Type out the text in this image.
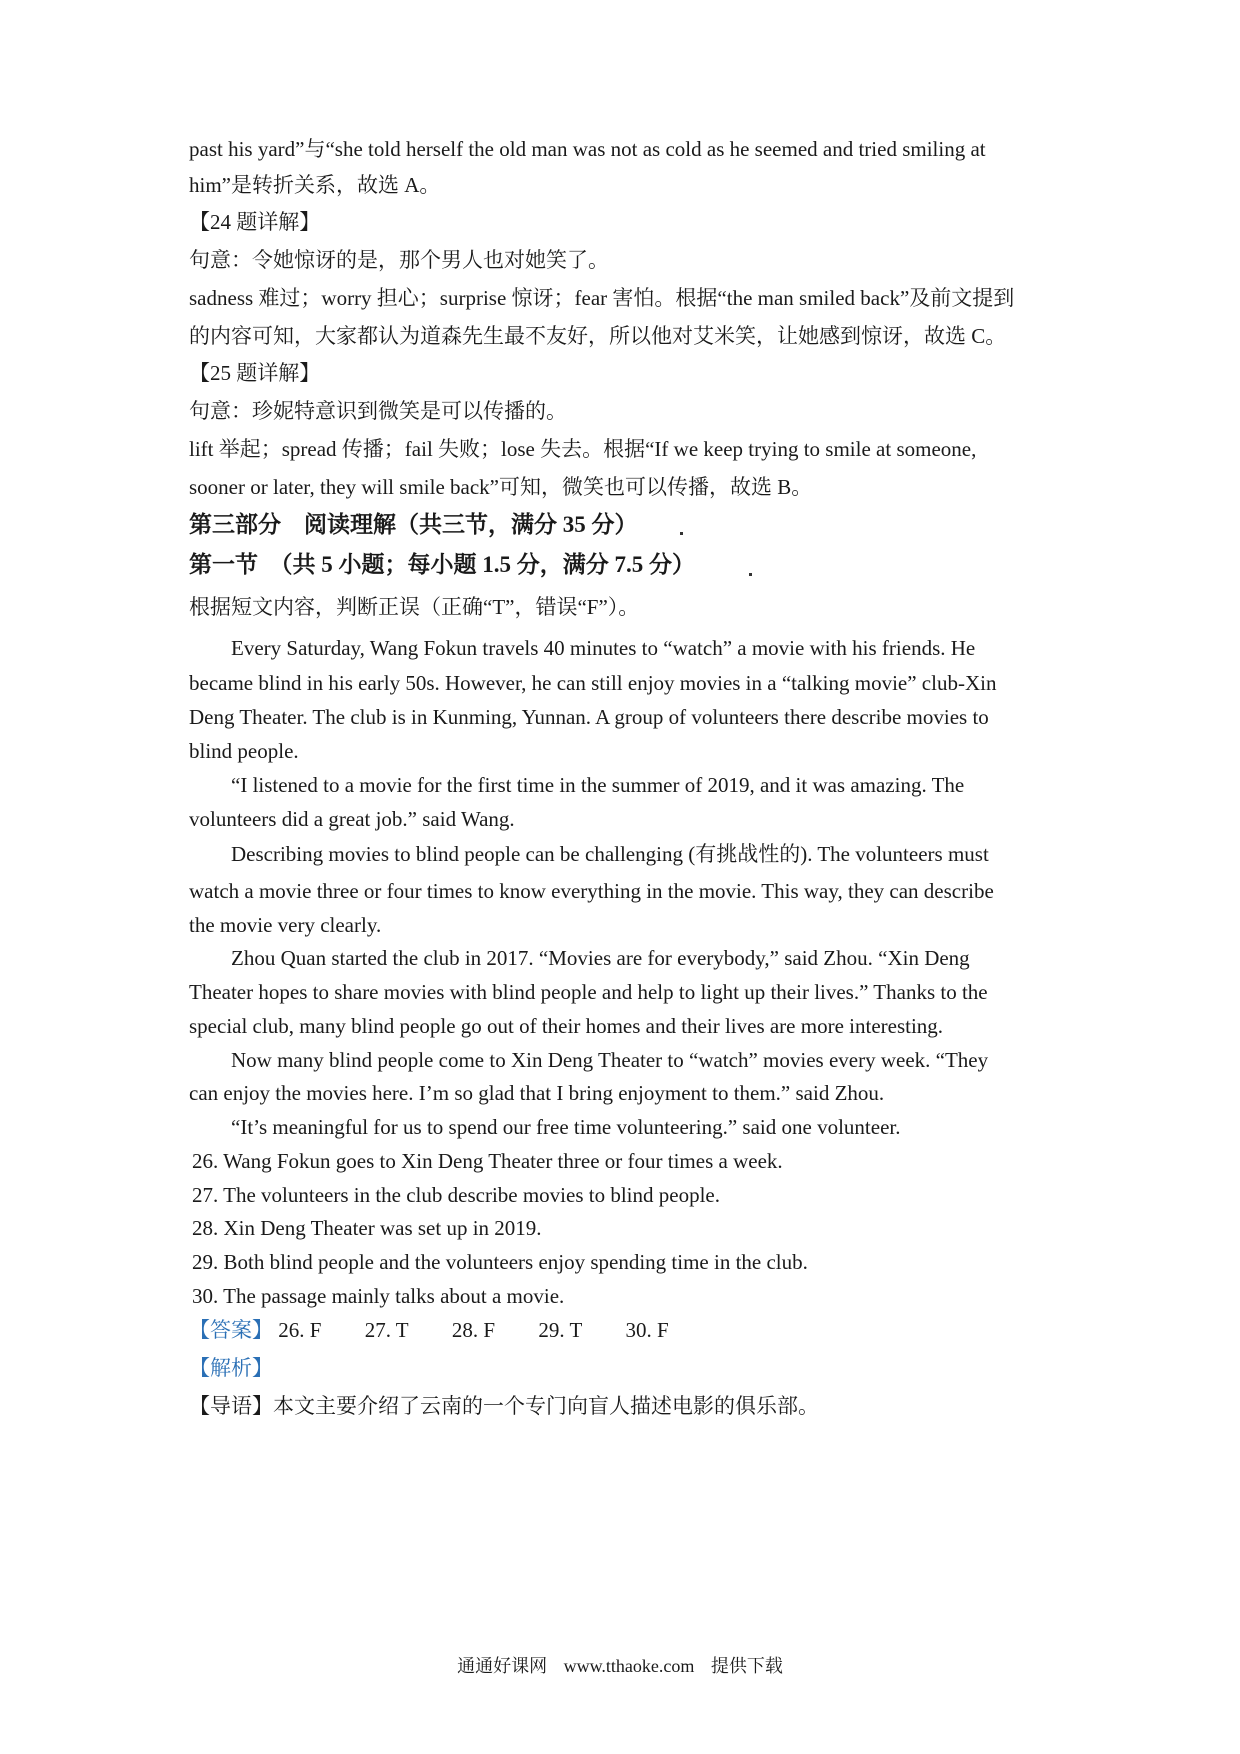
past his yard”与“she told herself the old man was not as cold as he seemed and tried smiling at
him”是转折关系，故选 A。
【24 题详解】
句意：令她惊讶的是，那个男人也对她笑了。
sadness 难过；worry 担心；surprise 惊讶；fear 害怕。根据“the man smiled back”及前文提到
的内容可知，大家都认为道森先生最不友好，所以他对艾米笑，让她感到惊讶，故选 C。
【25 题详解】
句意：珍妮特意识到微笑是可以传播的。
lift 举起；spread 传播；fail 失败；lose 失去。根据“If we keep trying to smile at someone,
sooner or later, they will smile back”可知，微笑也可以传播，故选 B。
第三部分　阅读理解（共三节，满分 35 分）
第一节　（共 5 小题；每小题 1.5 分，满分 7.5 分）
根据短文内容，判断正误（正确“T”，错误“F”）。
Every Saturday, Wang Fokun travels 40 minutes to “watch” a movie with his friends. He
became blind in his early 50s. However, he can still enjoy movies in a “talking movie” club-Xin
Deng Theater. The club is in Kunming, Yunnan. A group of volunteers there describe movies to
blind people.
“I listened to a movie for the first time in the summer of 2019, and it was amazing. The
volunteers did a great job.” said Wang.
Describing movies to blind people can be challenging (有挑战性的). The volunteers must
watch a movie three or four times to know everything in the movie. This way, they can describe
the movie very clearly.
Zhou Quan started the club in 2017. “Movies are for everybody,” said Zhou. “Xin Deng
Theater hopes to share movies with blind people and help to light up their lives.” Thanks to the
special club, many blind people go out of their homes and their lives are more interesting.
Now many blind people come to Xin Deng Theater to “watch” movies every week. “They
can enjoy the movies here. I’m so glad that I bring enjoyment to them.” said Zhou.
“It’s meaningful for us to spend our free time volunteering.” said one volunteer.
26. Wang Fokun goes to Xin Deng Theater three or four times a week.
27. The volunteers in the club describe movies to blind people.
28. Xin Deng Theater was set up in 2019.
29. Both blind people and the volunteers enjoy spending time in the club.
30. The passage mainly talks about a movie.
【答案】 26. F 27. T 28. F 29. T 30. F
【解析】
【导语】本文主要介绍了云南的一个专门向盲人描述电影的俱乐部。
通通好课网 www.tthaoke.com 提供下载
